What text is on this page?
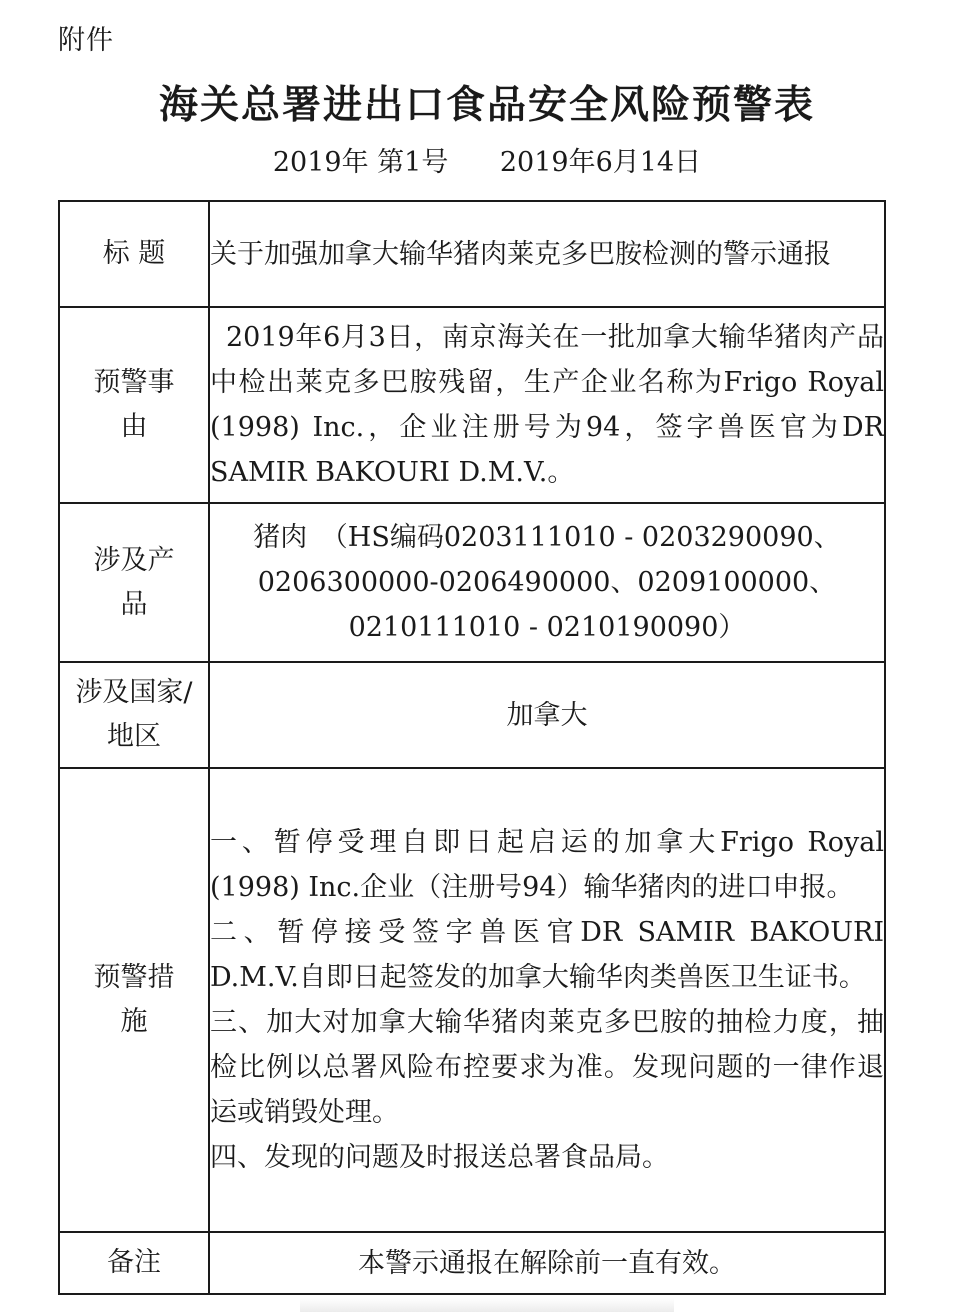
附件
海关总署进出口食品安全风险预警表
2019年 第1号 2019年6月14日
标 题	关于加强加拿大输华猪肉莱克多巴胺检测的警示通报

预警事由	2019年6月3日，南京海关在一批加拿大输华猪肉产品中检出莱克多巴胺残留，生产企业名称为Frigo Royal (1998) Inc.，企业注册号为94，签字兽医官为DR SAMIR BAKOURI D.M.V.。

涉及产品	猪肉　（HS编码0203111010 - 0203290090、
0206300000-0206490000、0209100000、
0210111010 - 0210190090）

涉及国家/地区	加拿大
预警措施	一、暂停受理自即日起启运的加拿大Frigo Royal (1998) Inc.企业（注册号94）输华猪肉的进口申报。
二、暂停接受签字兽医官DR SAMIR BAKOURI D.M.V.自即日起签发的加拿大输华肉类兽医卫生证书。
三、加大对加拿大输华猪肉莱克多巴胺的抽检力度，抽检比例以总署风险布控要求为准。发现问题的一律作退运或销毁处理。
四、发现的问题及时报送总署食品局。

备注	本警示通报在解除前一直有效。
